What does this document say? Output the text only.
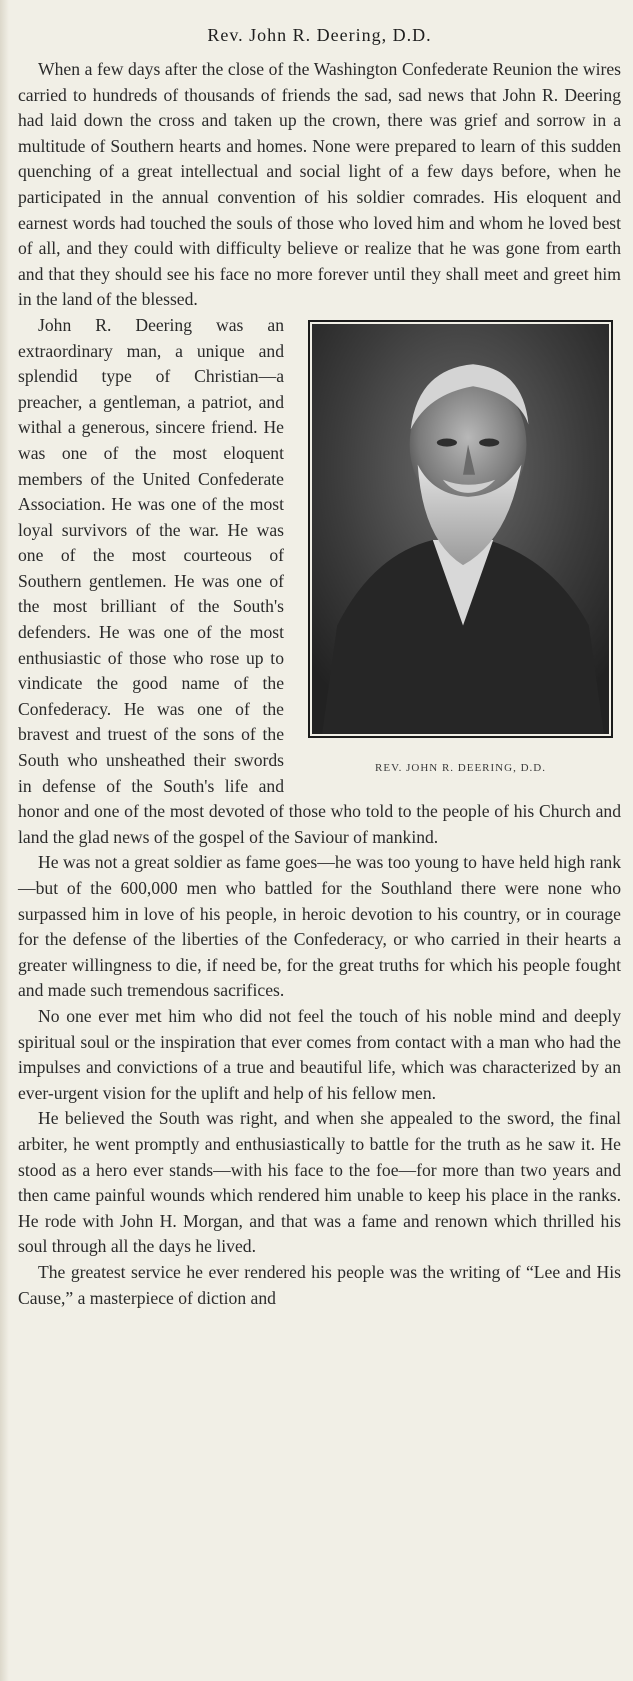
Rev. John R. Deering, D.D.

When a few days after the close of the Washington Confederate Reunion the wires carried to hundreds of thousands of friends the sad, sad news that John R. Deering had laid down the cross and taken up the crown, there was grief and sorrow in a multitude of Southern hearts and homes. None were prepared to learn of this sudden quenching of a great intellectual and social light of a few days before, when he participated in the annual convention of his soldier comrades. His eloquent and earnest words had touched the souls of those who loved him and whom he loved best of all, and they could with difficulty believe or realize that he was gone from earth and that they should see his face no more forever until they shall meet and greet him in the land of the blessed.

REV. JOHN R. DEERING, D.D.

John R. Deering was an extraordinary man, a unique and splendid type of Christian—a preacher, a gentleman, a patriot, and withal a generous, sincere friend. He was one of the most eloquent members of the United Confederate Association. He was one of the most loyal survivors of the war. He was one of the most courteous of Southern gentlemen. He was one of the most brilliant of the South's defenders. He was one of the most enthusiastic of those who rose up to vindicate the good name of the Confederacy. He was one of the bravest and truest of the sons of the South who unsheathed their swords in defense of the South's life and honor and one of the most devoted of those who told to the people of his Church and land the glad news of the gospel of the Saviour of mankind.

He was not a great soldier as fame goes—he was too young to have held high rank—but of the 600,000 men who battled for the Southland there were none who surpassed him in love of his people, in heroic devotion to his country, or in courage for the defense of the liberties of the Confederacy, or who carried in their hearts a greater willingness to die, if need be, for the great truths for which his people fought and made such tremendous sacrifices.

No one ever met him who did not feel the touch of his noble mind and deeply spiritual soul or the inspiration that ever comes from contact with a man who had the impulses and convictions of a true and beautiful life, which was characterized by an ever-urgent vision for the uplift and help of his fellow men.

He believed the South was right, and when she appealed to the sword, the final arbiter, he went promptly and enthusiastically to battle for the truth as he saw it. He stood as a hero ever stands—with his face to the foe—for more than two years and then came painful wounds which rendered him unable to keep his place in the ranks. He rode with John H. Morgan, and that was a fame and renown which thrilled his soul through all the days he lived.

The greatest service he ever rendered his people was the writing of “Lee and His Cause,” a masterpiece of diction and
